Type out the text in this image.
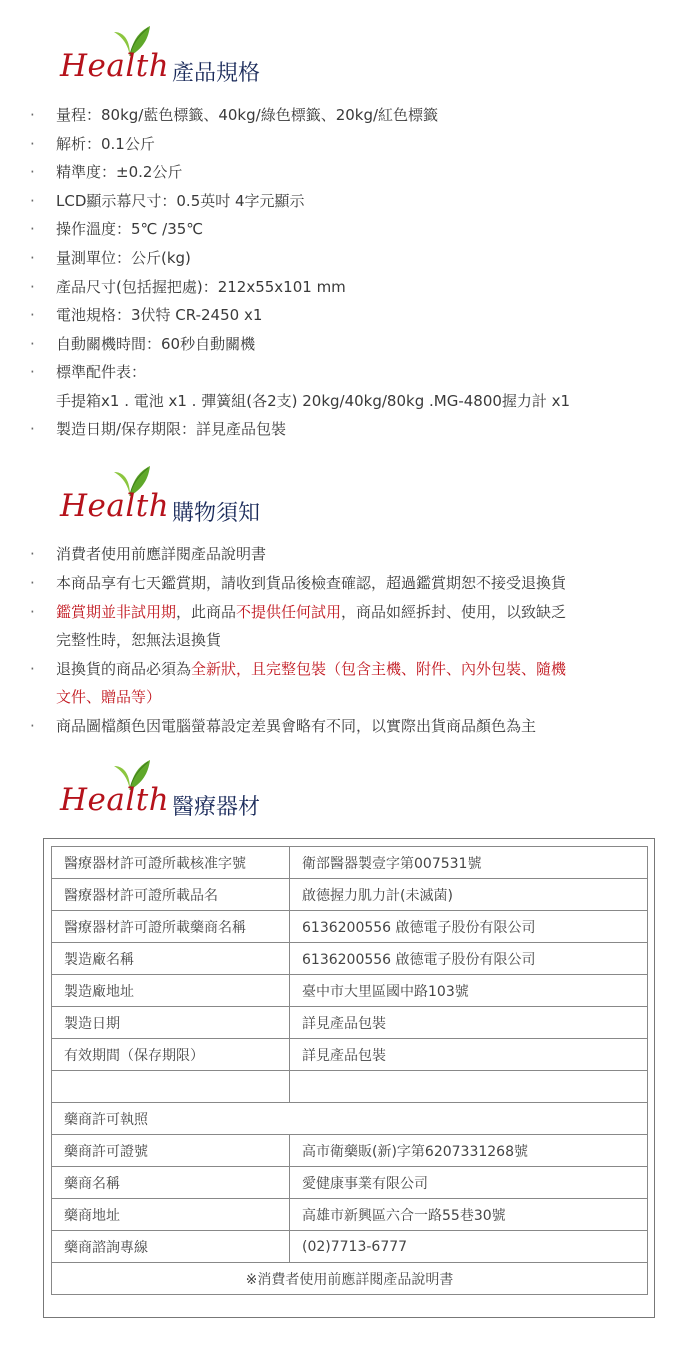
Health 產品規格
· 量程：80kg/藍色標籤、40kg/綠色標籤、20kg/紅色標籤
· 解析：0.1公斤
· 精準度：±0.2公斤
· LCD顯示幕尺寸：0.5英吋 4字元顯示
· 操作溫度：5℃ /35℃
· 量測單位：公斤(kg)
· 產品尺寸(包括握把處)：212x55x101 mm
· 電池規格：3伏特 CR-2450 x1
· 自動關機時間：60秒自動關機
· 標準配件表：
手提箱x1 . 電池 x1 . 彈簧組(各2支) 20kg/40kg/80kg .MG-4800握力計 x1
· 製造日期/保存期限：詳見產品包裝
Health 購物須知
· 消費者使用前應詳閱產品說明書
· 本商品享有七天鑑賞期，請收到貨品後檢查確認，超過鑑賞期恕不接受退換貨
· 鑑賞期並非試用期，此商品不提供任何試用，商品如經拆封、使用，以致缺乏
完整性時，恕無法退換貨
· 退換貨的商品必須為全新狀，且完整包裝（包含主機、附件、內外包裝、隨機
文件、贈品等）
· 商品圖檔顏色因電腦螢幕設定差異會略有不同，以實際出貨商品顏色為主
Health 醫療器材
醫療器材許可證所載核准字號	衛部醫器製壹字第007531號
醫療器材許可證所載品名	啟德握力肌力計(未滅菌)
醫療器材許可證所載藥商名稱	6136200556 啟德電子股份有限公司
製造廠名稱	6136200556 啟德電子股份有限公司
製造廠地址	臺中市大里區國中路103號
製造日期	詳見產品包裝
有效期間（保存期限）	詳見產品包裝

藥商許可執照	
藥商許可證號	高市衛藥販(新)字第6207331268號
藥商名稱	愛健康事業有限公司
藥商地址	高雄市新興區六合一路55巷30號
藥商諮詢專線	(02)7713-6777
※消費者使用前應詳閱產品說明書	
